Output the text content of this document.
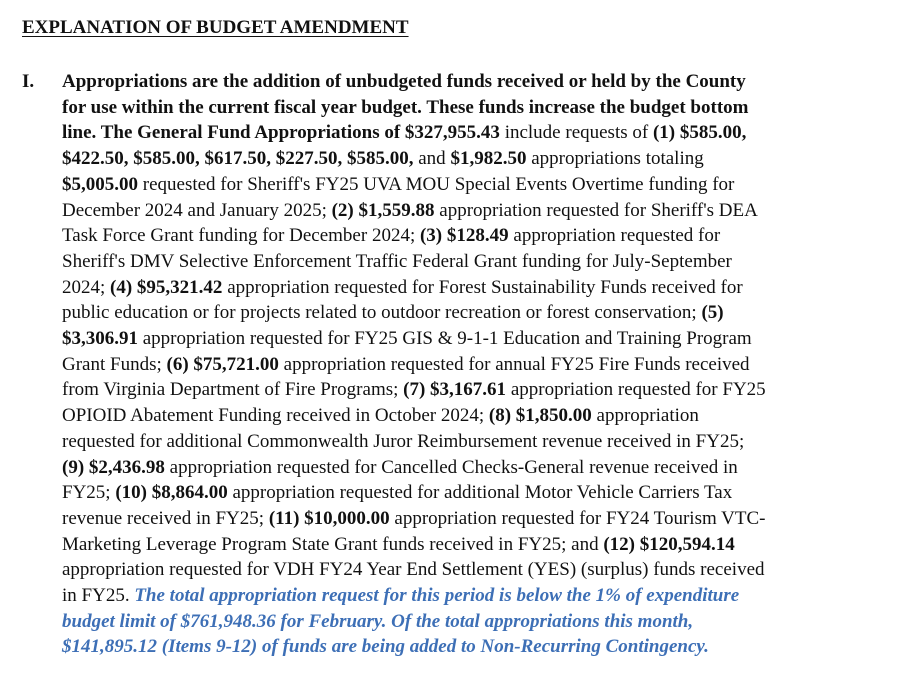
EXPLANATION OF BUDGET AMENDMENT
I. Appropriations are the addition of unbudgeted funds received or held by the County
for use within the current fiscal year budget. These funds increase the budget bottom
line. The General Fund Appropriations of $327,955.43 include requests of (1) $585.00,
$422.50, $585.00, $617.50, $227.50, $585.00, and $1,982.50 appropriations totaling
$5,005.00 requested for Sheriff's FY25 UVA MOU Special Events Overtime funding for
December 2024 and January 2025; (2) $1,559.88 appropriation requested for Sheriff's DEA
Task Force Grant funding for December 2024; (3) $128.49 appropriation requested for
Sheriff's DMV Selective Enforcement Traffic Federal Grant funding for July-September
2024; (4) $95,321.42 appropriation requested for Forest Sustainability Funds received for
public education or for projects related to outdoor recreation or forest conservation; (5)
$3,306.91 appropriation requested for FY25 GIS & 9-1-1 Education and Training Program
Grant Funds; (6) $75,721.00 appropriation requested for annual FY25 Fire Funds received
from Virginia Department of Fire Programs; (7) $3,167.61 appropriation requested for FY25
OPIOID Abatement Funding received in October 2024; (8) $1,850.00 appropriation
requested for additional Commonwealth Juror Reimbursement revenue received in FY25;
(9) $2,436.98 appropriation requested for Cancelled Checks-General revenue received in
FY25; (10) $8,864.00 appropriation requested for additional Motor Vehicle Carriers Tax
revenue received in FY25; (11) $10,000.00 appropriation requested for FY24 Tourism VTC-
Marketing Leverage Program State Grant funds received in FY25; and (12) $120,594.14
appropriation requested for VDH FY24 Year End Settlement (YES) (surplus) funds received
in FY25. The total appropriation request for this period is below the 1% of expenditure
budget limit of $761,948.36 for February. Of the total appropriations this month,
$141,895.12 (Items 9-12) of funds are being added to Non-Recurring Contingency.
